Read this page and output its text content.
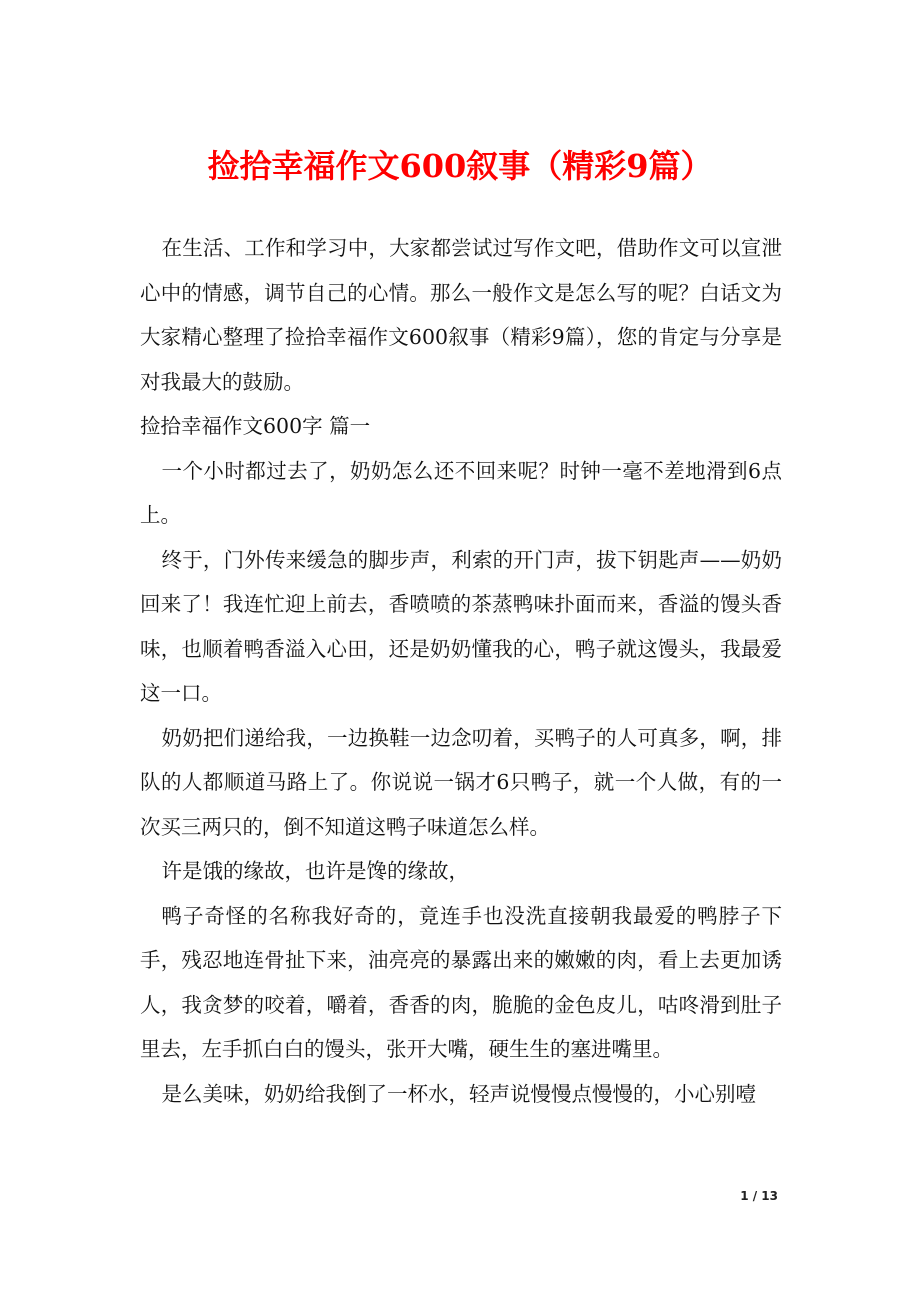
捡拾幸福作文600叙事（精彩9篇）

在生活、工作和学习中，大家都尝试过写作文吧，借助作文可以宣泄心中的情感，调节自己的心情。那么一般作文是怎么写的呢？白话文为大家精心整理了捡拾幸福作文600叙事（精彩9篇），您的肯定与分享是对我最大的鼓励。

捡拾幸福作文600字 篇一

一个小时都过去了，奶奶怎么还不回来呢？时钟一毫不差地滑到6点上。

终于，门外传来缓急的脚步声，利索的开门声，拔下钥匙声——奶奶回来了！我连忙迎上前去，香喷喷的茶蒸鸭味扑面而来，香溢的馒头香味，也顺着鸭香溢入心田，还是奶奶懂我的心，鸭子就这馒头，我最爱这一口。

奶奶把们递给我，一边换鞋一边念叨着，买鸭子的人可真多，啊，排队的人都顺道马路上了。你说说一锅才6只鸭子，就一个人做，有的一次买三两只的，倒不知道这鸭子味道怎么样。

许是饿的缘故，也许是馋的缘故，

鸭子奇怪的名称我好奇的，竟连手也没洗直接朝我最爱的鸭脖子下手，残忍地连骨扯下来，油亮亮的暴露出来的嫩嫩的肉，看上去更加诱人，我贪梦的咬着，嚼着，香香的肉，脆脆的金色皮儿，咕咚滑到肚子里去，左手抓白白的馒头，张开大嘴，硬生生的塞进嘴里。

是么美味，奶奶给我倒了一杯水，轻声说慢慢点慢慢的，小心别噎

1 / 13
